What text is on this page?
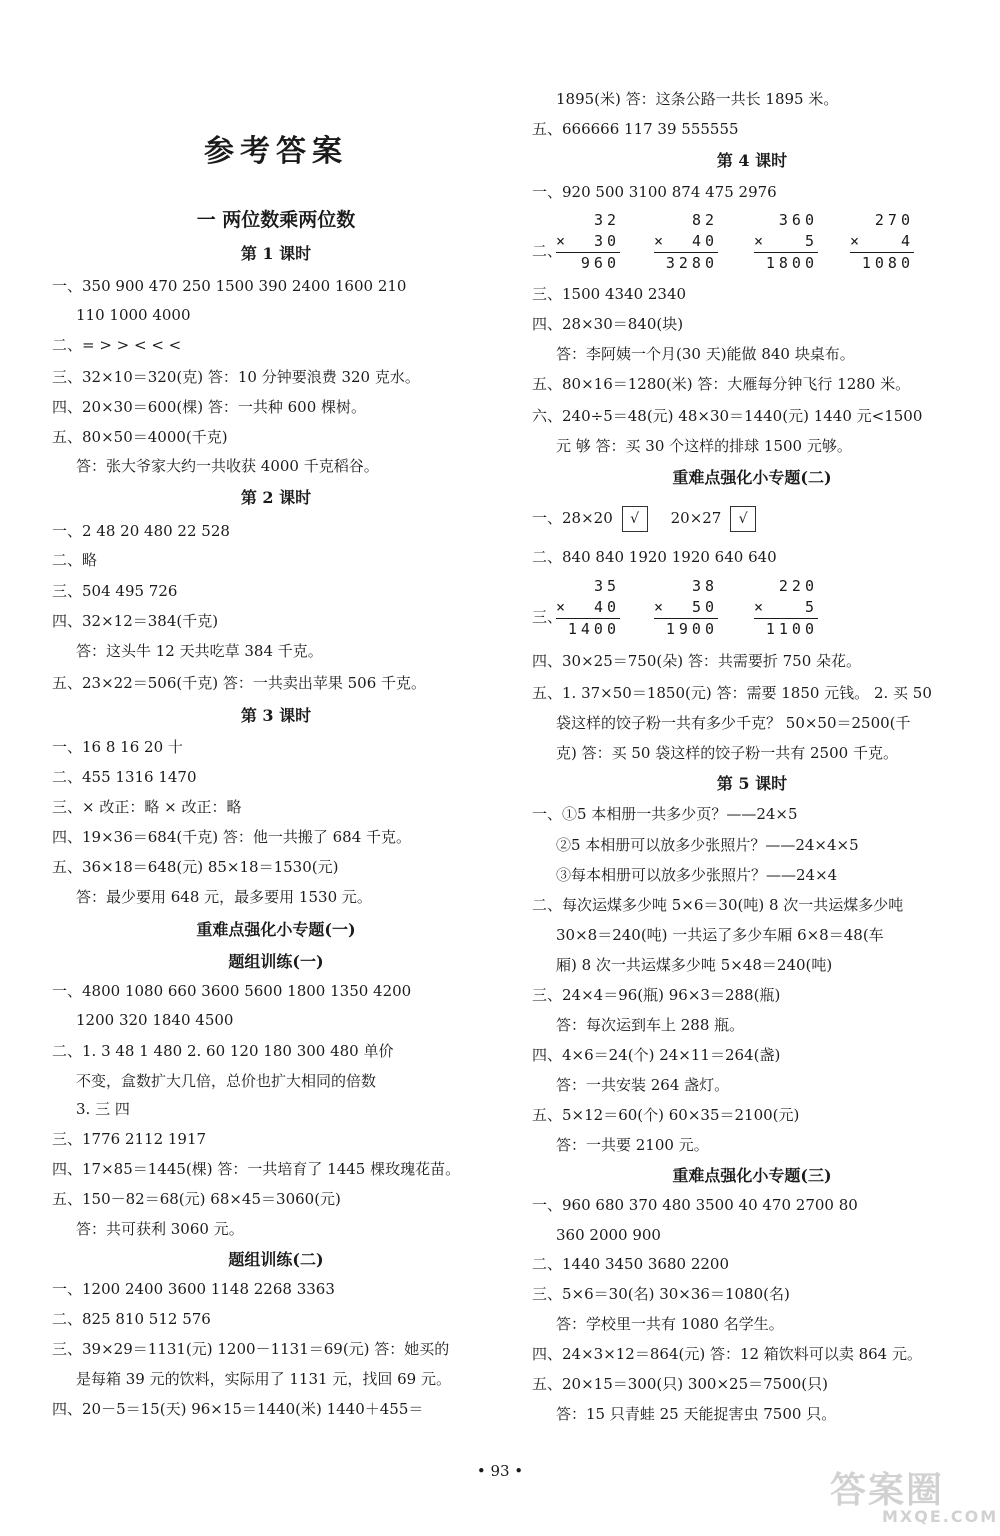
参考答案
一 两位数乘两位数
第 1 课时
一、350 900 470 250 1500 390 2400 1600 210
110 1000 4000
二、= > > < < <
三、32×10＝320(克) 答：10 分钟要浪费 320 克水。
四、20×30＝600(棵) 答：一共种 600 棵树。
五、80×50＝4000(千克)
答：张大爷家大约一共收获 4000 千克稻谷。
第 2 课时
一、2 48 20 480 22 528
二、略
三、504 495 726
四、32×12＝384(千克)
答：这头牛 12 天共吃草 384 千克。
五、23×22＝506(千克) 答：一共卖出苹果 506 千克。
第 3 课时
一、16 8 16 20 十
二、455 1316 1470
三、× 改正：略 × 改正：略
四、19×36＝684(千克) 答：他一共搬了 684 千克。
五、36×18＝648(元) 85×18＝1530(元)
答：最少要用 648 元，最多要用 1530 元。
重难点强化小专题(一)
题组训练(一)
一、4800 1080 660 3600 5600 1800 1350 4200
1200 320 1840 4500
二、1. 3 48 1 480 2. 60 120 180 300 480 单价
不变，盒数扩大几倍，总价也扩大相同的倍数
3. 三 四
三、1776 2112 1917
四、17×85＝1445(棵) 答：一共培育了 1445 棵玫瑰花苗。
五、150－82＝68(元) 68×45＝3060(元)
答：共可获利 3060 元。
题组训练(二)
一、1200 2400 3600 1148 2268 3363
二、825 810 512 576
三、39×29＝1131(元) 1200－1131＝69(元) 答：她买的
是每箱 39 元的饮料，实际用了 1131 元，找回 69 元。
四、20－5＝15(天) 96×15＝1440(米) 1440＋455＝
一、28×20 √ 20×27 √
1895(米) 答：这条公路一共长 1895 米。
五、666666 117 39 555555
第 4 课时
一、920 500 3100 874 475 2976
二、
三、1500 4340 2340
四、28×30＝840(块)
答：李阿姨一个月(30 天)能做 840 块桌布。
五、80×16＝1280(米) 答：大雁每分钟飞行 1280 米。
六、240÷5＝48(元) 48×30＝1440(元) 1440 元<1500
元 够 答：买 30 个这样的排球 1500 元够。
重难点强化小专题(二)
二、840 840 1920 1920 640 640
三、
四、30×25＝750(朵) 答：共需要折 750 朵花。
五、1. 37×50＝1850(元) 答：需要 1850 元钱。 2. 买 50
袋这样的饺子粉一共有多少千克？ 50×50＝2500(千
克) 答：买 50 袋这样的饺子粉一共有 2500 千克。
第 5 课时
一、①5 本相册一共多少页？——24×5
②5 本相册可以放多少张照片？——24×4×5
③每本相册可以放多少张照片？——24×4
二、每次运煤多少吨 5×6＝30(吨) 8 次一共运煤多少吨
30×8＝240(吨) 一共运了多少车厢 6×8＝48(车
厢) 8 次一共运煤多少吨 5×48＝240(吨)
三、24×4＝96(瓶) 96×3＝288(瓶)
答：每次运到车上 288 瓶。
四、4×6＝24(个) 24×11＝264(盏)
答：一共安装 264 盏灯。
五、5×12＝60(个) 60×35＝2100(元)
答：一共要 2100 元。
重难点强化小专题(三)
一、960 680 370 480 3500 40 470 2700 80
360 2000 900
二、1440 3450 3680 2200
三、5×6＝30(名) 30×36＝1080(名)
答：学校里一共有 1080 名学生。
四、24×3×12＝864(元) 答：12 箱饮料可以卖 864 元。
五、20×15＝300(只) 300×25＝7500(只)
答：15 只青蛙 25 天能捉害虫 7500 只。
32
× 30
960
82
× 40
3280
360
×	5
1800
270
×	4
1080
35
× 40
1400
38
× 50
1900
220
×	5
1100
• 93 •	答案圈
MXQE.COM
